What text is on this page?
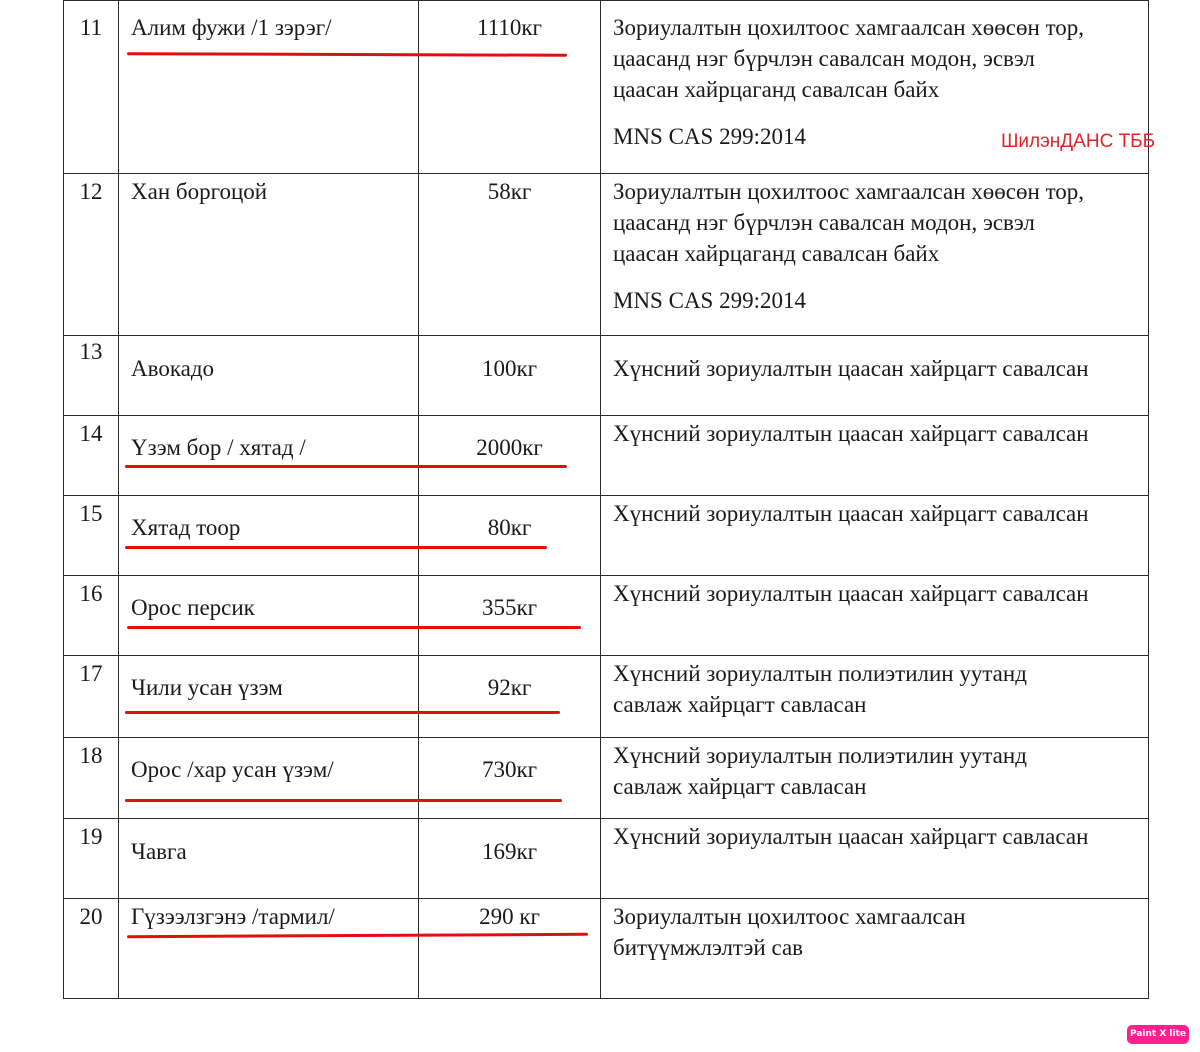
11	Алим фужи /1 зэрэг/	1110кг	Зориулалтын цохилтоос хамгаалсан хөөсөн тор,
цаасанд нэг бүрчлэн савалсан модон, эсвэл
цаасан хайрцаганд савалсан байх
MNS CAS 299:2014

12	Хан боргоцой	58кг	Зориулалтын цохилтоос хамгаалсан хөөсөн тор,
цаасанд нэг бүрчлэн савалсан модон, эсвэл
цаасан хайрцаганд савалсан байх
MNS CAS 299:2014

13	Авокадо	100кг	Хүнсний зориулалтын цаасан хайрцагт савалсан

14	Үзэм бор / хятад /	2000кг	Хүнсний зориулалтын цаасан хайрцагт савалсан

15	Хятад тоор	80кг	Хүнсний зориулалтын цаасан хайрцагт савалсан

16	Орос персик	355кг	Хүнсний зориулалтын цаасан хайрцагт савалсан

17	Чили усан үзэм	92кг	Хүнсний зориулалтын полиэтилин уутанд
савлаж хайрцагт савласан

18	Орос /хар усан үзэм/	730кг	Хүнсний зориулалтын полиэтилин уутанд
савлаж хайрцагт савласан

19	Чавга	169кг	Хүнсний зориулалтын цаасан хайрцагт савласан

20	Гүзээлзгэнэ /тармил/	290 кг	Зориулалтын цохилтоос хамгаалсан
битүүмжлэлтэй сав
ШилэнДАНС ТББ
Paint X lite
